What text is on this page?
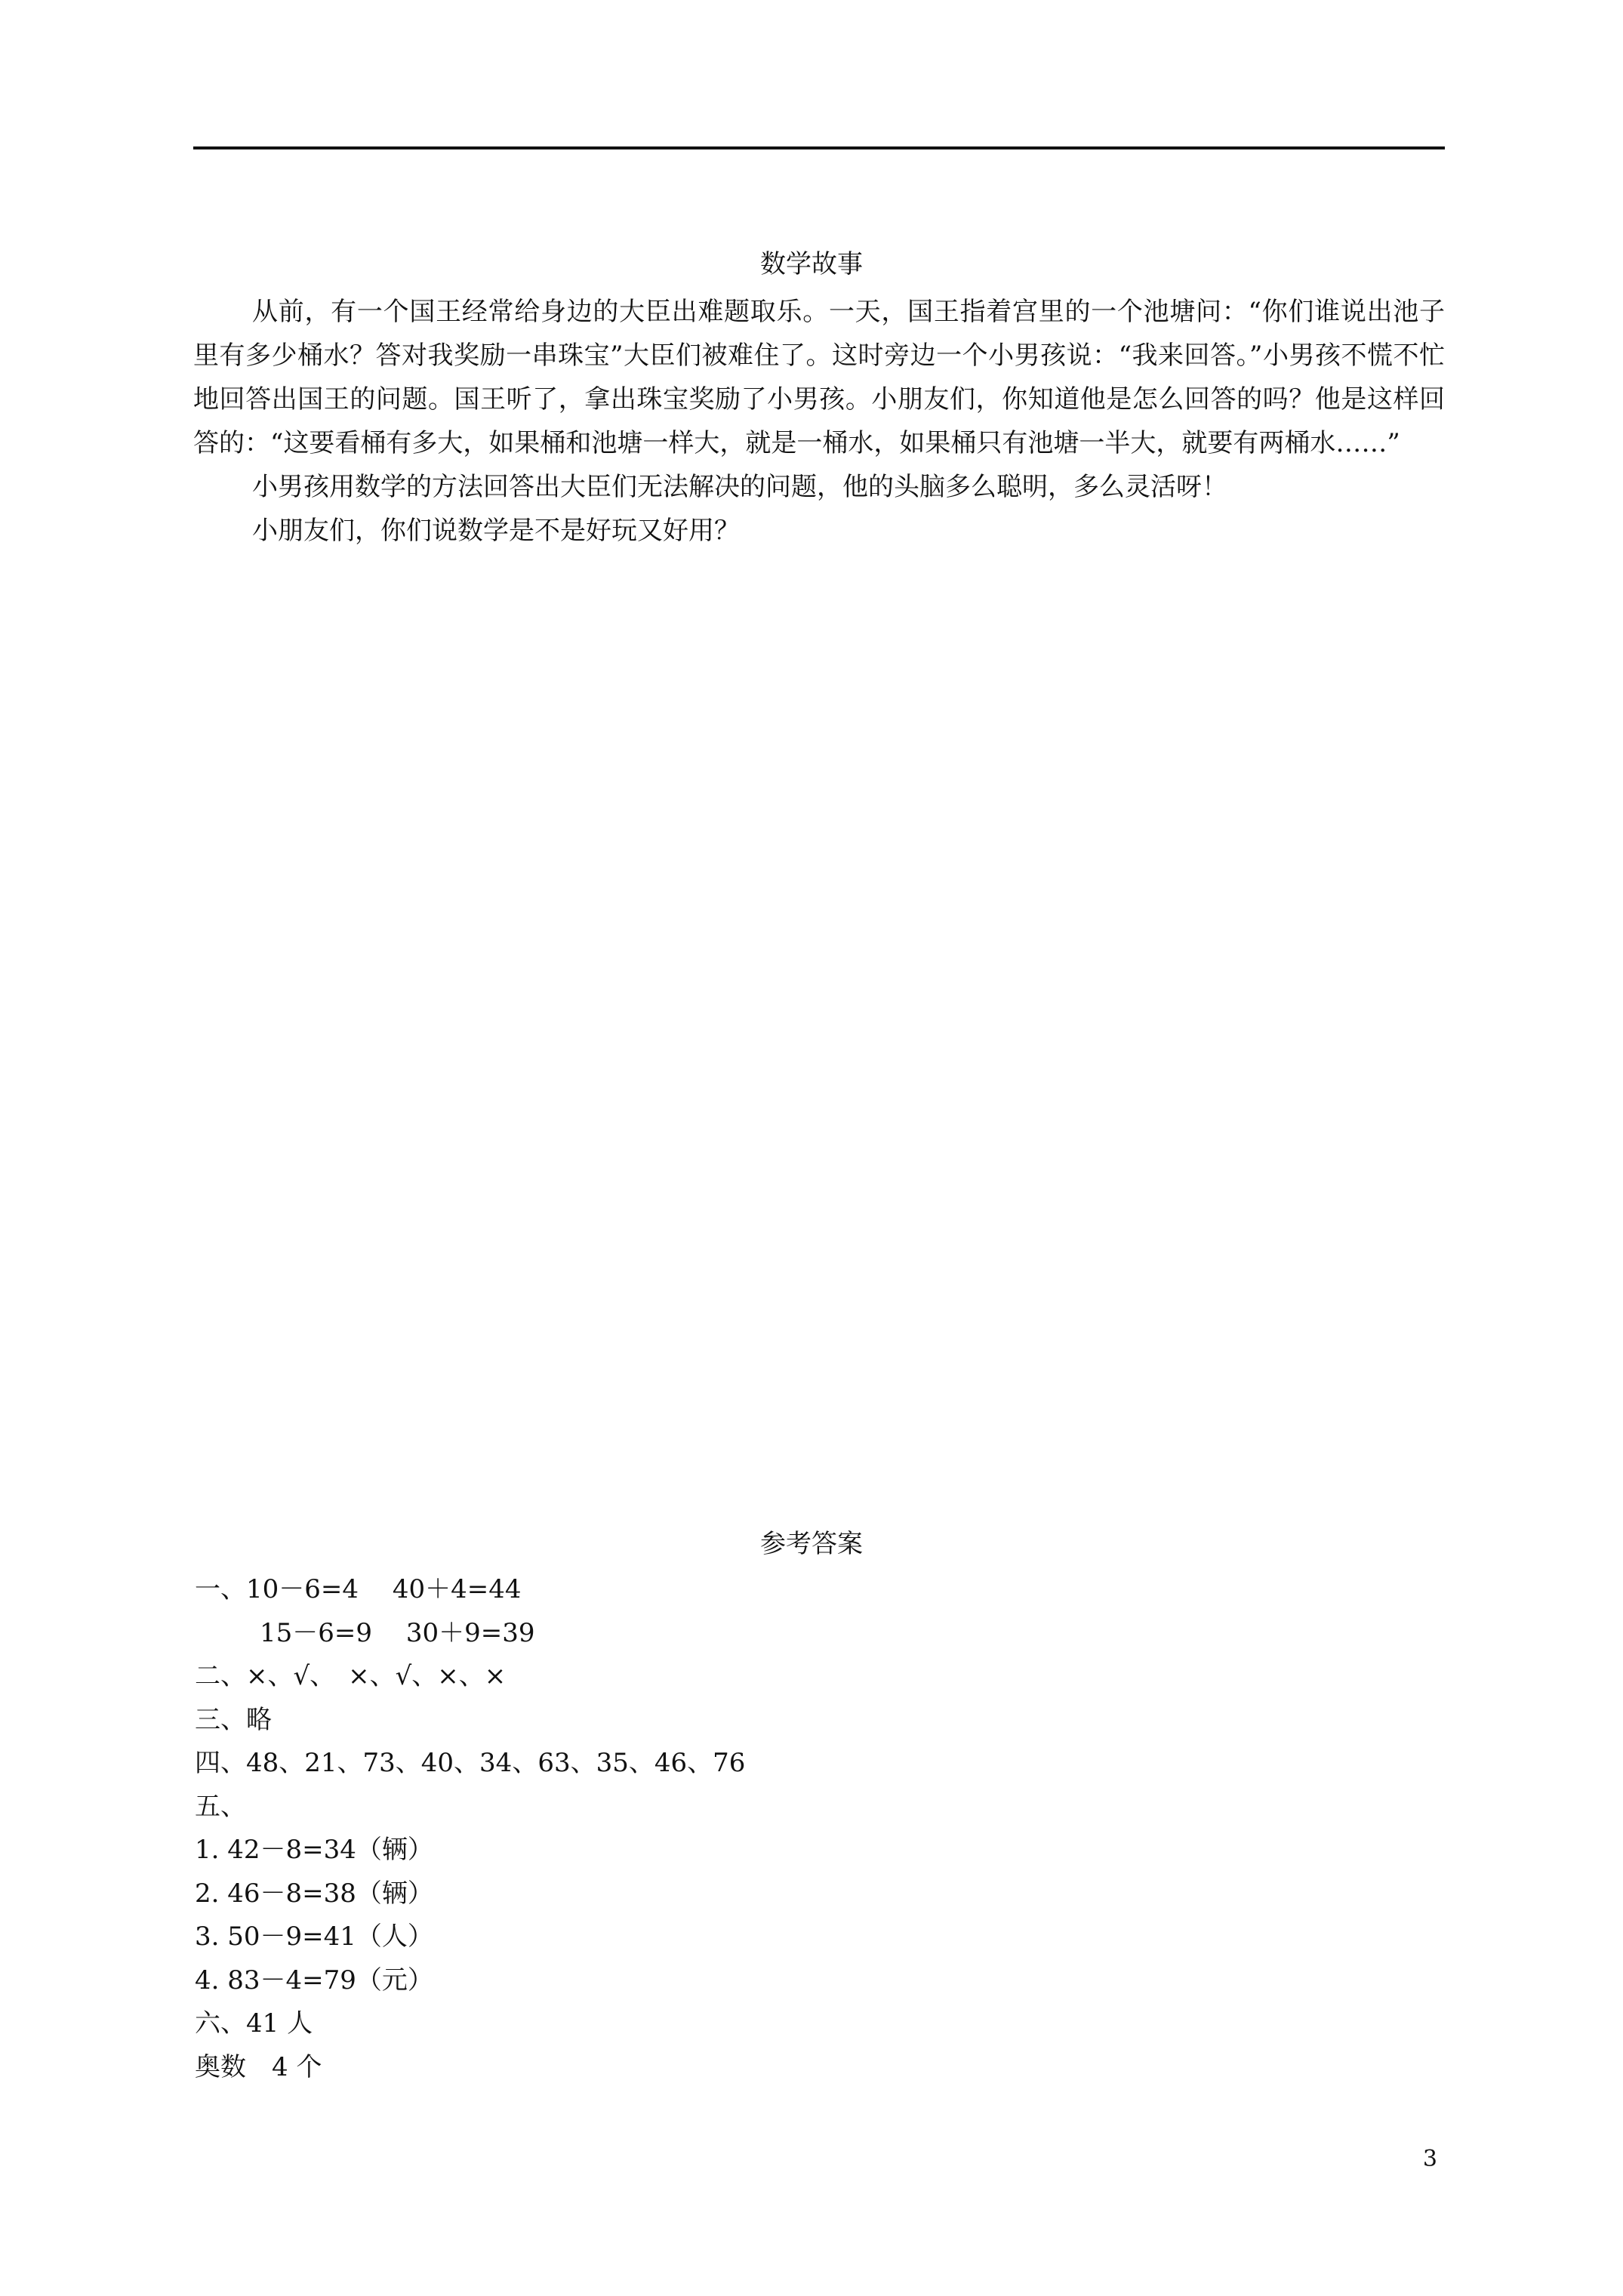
数学故事

从前，有一个国王经常给身边的大臣出难题取乐。一天，国王指着宫里的一个池塘问：“你们谁说出池子里有多少桶水？答对我奖励一串珠宝”大臣们被难住了。这时旁边一个小男孩说：“我来回答。”小男孩不慌不忙地回答出国王的问题。国王听了，拿出珠宝奖励了小男孩。小朋友们，你知道他是怎么回答的吗？他是这样回答的：“这要看桶有多大，如果桶和池塘一样大，就是一桶水，如果桶只有池塘一半大，就要有两桶水……”

小男孩用数学的方法回答出大臣们无法解决的问题，他的头脑多么聪明，多么灵活呀！

小朋友们，你们说数学是不是好玩又好用？

参考答案
一、10－6=4　 40＋4=44
15－6=9　 30＋9=39
二、×、√、　×、√、×、×
三、略
四、48、21、73、40、34、63、35、46、76
五、
1. 42－8=34（辆）
2. 46－8=38（辆）
3. 50－9=41（人）
4. 83－4=79（元）
六、41 人
奥数　4 个
3
